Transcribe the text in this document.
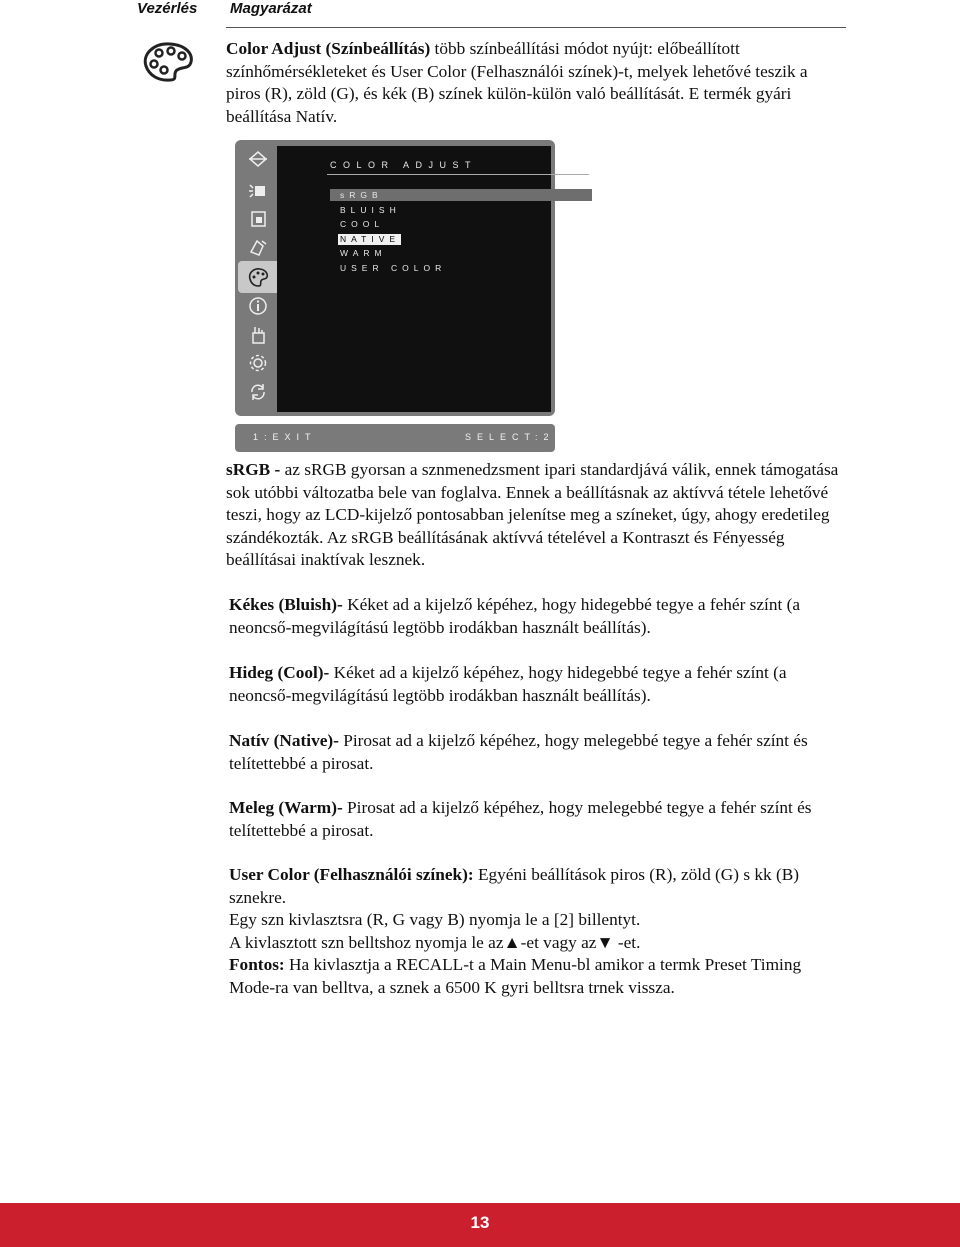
Vezérlés Magyarázat

Color Adjust (Színbeállítás) több színbeállítási módot nyújt: előbeállított színhőmérsékleteket és User Color (Felhasználói színek)-t, melyek lehetővé teszik a piros (R), zöld (G), és kék (B) színek külön-külön való beállítását. E termék gyári beállítása Natív.

COLOR ADJUST
sRGB
BLUISH
COOL
NATIVE
WARM
USER COLOR
1:EXIT	SELECT:2

sRGB - az sRGB gyorsan a sznmenedzsment ipari standardjává válik, ennek támogatása sok utóbbi változatba bele van foglalva. Ennek a beállításnak az aktívvá tétele lehetővé teszi, hogy az LCD-kijelző pontosabban jelenítse meg a színeket, úgy, ahogy eredetileg szándékozták. Az sRGB beállításának aktívvá tételével a Kontraszt és Fényesség beállításai inaktívak lesznek.

Kékes (Bluish)- Kéket ad a kijelző képéhez, hogy hidegebbé tegye a fehér színt (a neoncső-megvilágítású legtöbb irodákban használt beállítás).

Hideg (Cool)- Kéket ad a kijelző képéhez, hogy hidegebbé tegye a fehér színt (a neoncső-megvilágítású legtöbb irodákban használt beállítás).

Natív (Native)- Pirosat ad a kijelző képéhez, hogy melegebbé tegye a fehér színt és telítettebbé a pirosat.

Meleg (Warm)- Pirosat ad a kijelző képéhez, hogy melegebbé tegye a fehér színt és telítettebbé a pirosat.

User Color (Felhasználói színek): Egyéni beállítások piros (R), zöld (G) s kk (B) sznekre.
Egy szn kivlasztsra (R, G vagy B) nyomja le a [2] billentyt.
A kivlasztott szn belltshoz nyomja le az▲-et vagy az▼ -et.
Fontos: Ha kivlasztja a RECALL-t a Main Menu-bl amikor a termk Preset Timing Mode-ra van belltva, a sznek a 6500 K gyri belltsra trnek vissza.
13
